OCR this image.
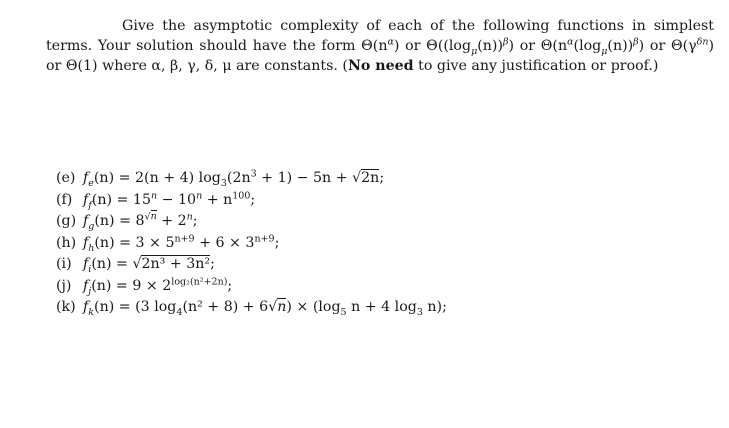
Give the asymptotic complexity of each of the following functions in simplest terms. Your solution should have the form $\Theta(n^\alpha)$ or $\Theta((\log_\mu(n))^\beta)$ or $\Theta(n^\alpha(\log_\mu(n))^\beta)$ or $\Theta(\gamma^{\delta n})$ or Θ(1) where α, β, γ, δ, μ are constants. (No need to give any justification or proof.)

(e) $f_e(n) = 2(n + 4) \log_3(2n^3 + 1) - 5n + √2n$;
(f) $f_f(n) = 15^n - 10^n + n^{100}$;
(g) $f_g(n) = 8^{√n} + 2^n$;
(h) $f_h(n) = 3 \times 5^{n+9} + 6 \times 3^{n+9}$;
(i) $f_i(n) = √2n^3 + 3n^2$;
(j) $f_j(n) = 9 \times 2^{log_2(n^2+2n)}$;
(k) $f_k(n) = (3$ $\log_4(n^2 + 8) + 6√n) \times (\log_5$ n + 4 $\log_3 n$);
